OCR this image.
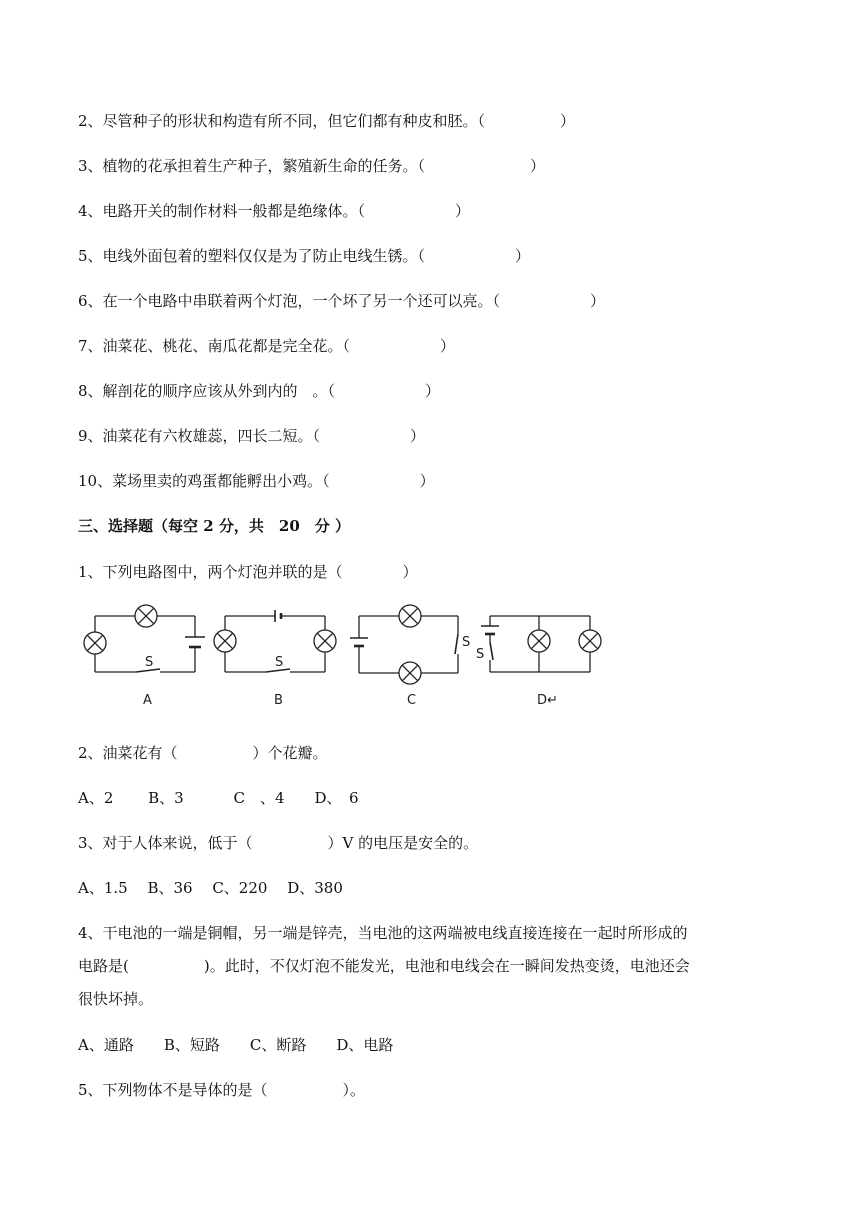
2、尽管种子的形状和构造有所不同，但它们都有种皮和胚。（　　　　　）
3、植物的花承担着生产种子，繁殖新生命的任务。（　　　　　　　）
4、电路开关的制作材料一般都是绝缘体。（　　　　　　）
5、电线外面包着的塑料仅仅是为了防止电线生锈。（　　　　　　）
6、在一个电路中串联着两个灯泡，一个坏了另一个还可以亮。（　　　　　　）
7、油菜花、桃花、南瓜花都是完全花。（　　　　　　）
8、解剖花的顺序应该从外到内的　。（　　　　　　）
9、油菜花有六枚雄蕊，四长二短。（　　　　　　）
10、菜场里卖的鸡蛋都能孵出小鸡。（　　　　　　）
三、选择题（每空 2 分，共　20　分 ）
1、下列电路图中，两个灯泡并联的是（　　　　）
S	S
S
S
A	B	C	D↵
2、油菜花有（　　　　　）个花瓣。
A、2　　 B、3　　　 C　、4　　D、　6
3、对于人体来说，低于（　　　　　）V 的电压是安全的。
A、1.5　 B、36　 C、220　 D、380

4、干电池的一端是铜帽，另一端是锌壳，当电池的这两端被电线直接连接在一起时所形成的

电路是(　　　　　)。此时，不仅灯泡不能发光，电池和电线会在一瞬间发热变烫，电池还会

很快坏掉。

A、通路　　B、短路　　C、断路　　D、电路
5、下列物体不是导体的是（　　　　　）。
